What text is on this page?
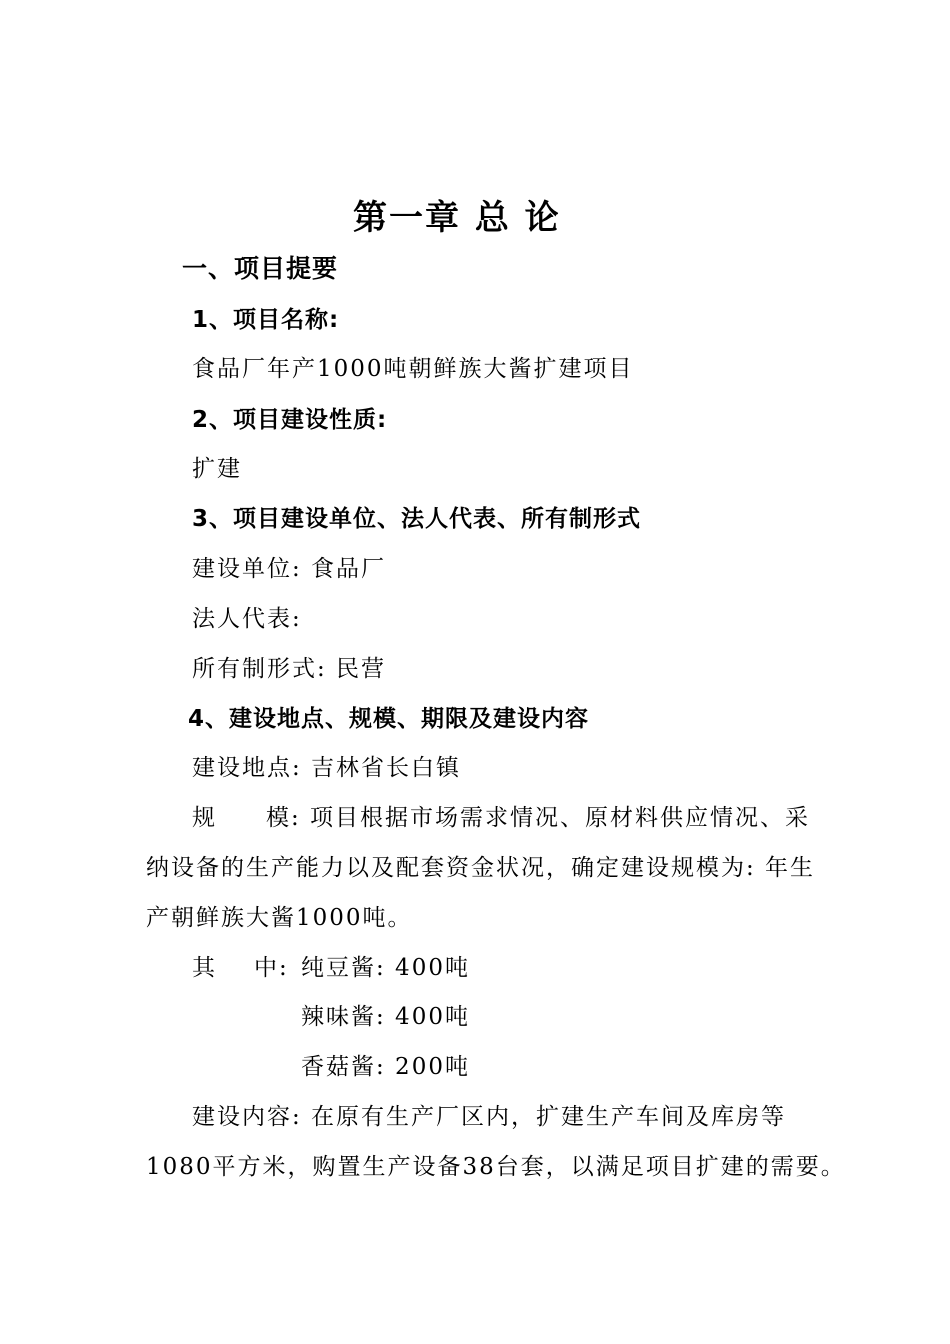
第一章 总 论
一、项目提要
1、项目名称:
食品厂年产1000吨朝鲜族大酱扩建项目
2、项目建设性质:
扩建
3、项目建设单位、法人代表、所有制形式
建设单位: 食品厂
法人代表:
所有制形式: 民营
4、建设地点、规模、期限及建设内容
建设地点: 吉林省长白镇
规 模: 项目根据市场需求情况、原材料供应情况、采
纳设备的生产能力以及配套资金状况，确定建设规模为: 年生
产朝鲜族大酱1000吨。
其 中: 纯豆酱: 400吨
辣味酱: 400吨
香菇酱: 200吨
建设内容: 在原有生产厂区内，扩建生产车间及库房等
1080平方米，购置生产设备38台套，以满足项目扩建的需要。
